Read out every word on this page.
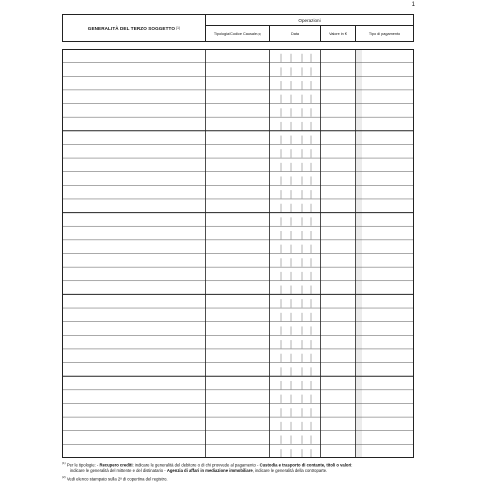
1
GENERALITÀ DEL TERZO SOGGETTO (1)
Operazioni
Tipologia/Codice Causale (2)	Data	Valore in €	Tipo di pagamento
$^{(1)}$ Per le tipologie: - Recupero crediti: indicare le generalità del debitore o di chi provvede al pagamento - Custodia e trasporto di contante, titoli o valori:
indicare le generalità del mittente e del distinatario - Agenzia di affari in mediazione immobiliare, indicare le generalità della controparte.
$^{(2)}$ Vedi elenco stampato sulla 2ª di copertina del registro.
